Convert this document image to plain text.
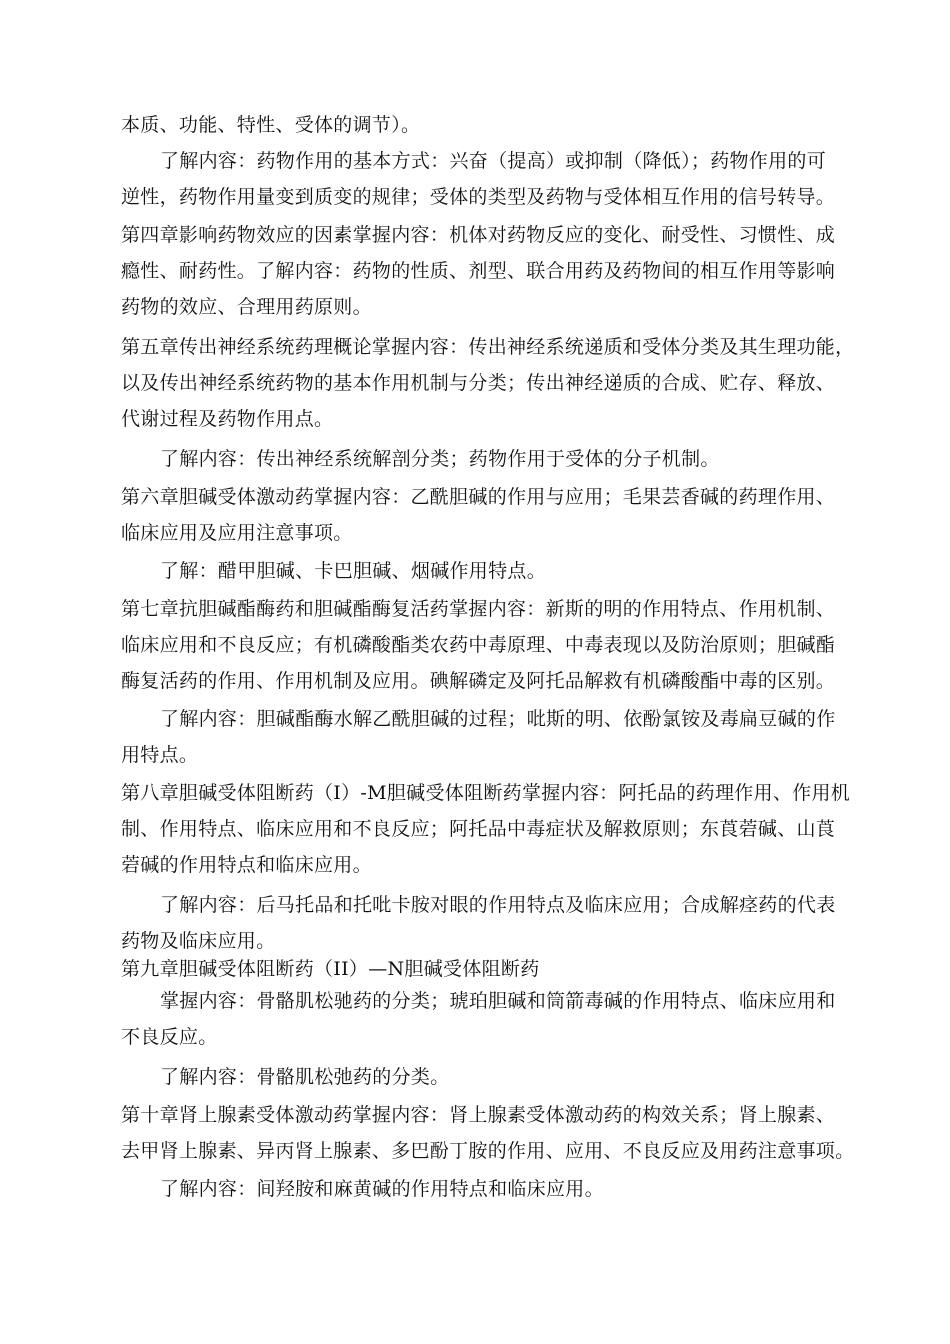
本质、功能、特性、受体的调节）。
了解内容：药物作用的基本方式：兴奋（提高）或抑制（降低）；药物作用的可
逆性，药物作用量变到质变的规律；受体的类型及药物与受体相互作用的信号转导。
第四章影响药物效应的因素掌握内容：机体对药物反应的变化、耐受性、习惯性、成
瘾性、耐药性。了解内容：药物的性质、剂型、联合用药及药物间的相互作用等影响
药物的效应、合理用药原则。
第五章传出神经系统药理概论掌握内容：传出神经系统递质和受体分类及其生理功能，
以及传出神经系统药物的基本作用机制与分类；传出神经递质的合成、贮存、释放、
代谢过程及药物作用点。
了解内容：传出神经系统解剖分类；药物作用于受体的分子机制。
第六章胆碱受体激动药掌握内容：乙酰胆碱的作用与应用；毛果芸香碱的药理作用、
临床应用及应用注意事项。
了解：醋甲胆碱、卡巴胆碱、烟碱作用特点。
第七章抗胆碱酯酶药和胆碱酯酶复活药掌握内容：新斯的明的作用特点、作用机制、
临床应用和不良反应；有机磷酸酯类农药中毒原理、中毒表现以及防治原则；胆碱酯
酶复活药的作用、作用机制及应用。碘解磷定及阿托品解救有机磷酸酯中毒的区别。
了解内容：胆碱酯酶水解乙酰胆碱的过程；吡斯的明、依酚氯铵及毒扁豆碱的作
用特点。
第八章胆碱受体阻断药（I）-M胆碱受体阻断药掌握内容：阿托品的药理作用、作用机
制、作用特点、临床应用和不良反应；阿托品中毒症状及解救原则；东莨菪碱、山莨
菪碱的作用特点和临床应用。
了解内容：后马托品和托吡卡胺对眼的作用特点及临床应用；合成解痉药的代表
药物及临床应用。
第九章胆碱受体阻断药（II）—N胆碱受体阻断药
掌握内容：骨骼肌松驰药的分类；琥珀胆碱和筒箭毒碱的作用特点、临床应用和
不良反应。
了解内容：骨骼肌松弛药的分类。
第十章肾上腺素受体激动药掌握内容：肾上腺素受体激动药的构效关系；肾上腺素、
去甲肾上腺素、异丙肾上腺素、多巴酚丁胺的作用、应用、不良反应及用药注意事项。
了解内容：间羟胺和麻黄碱的作用特点和临床应用。
